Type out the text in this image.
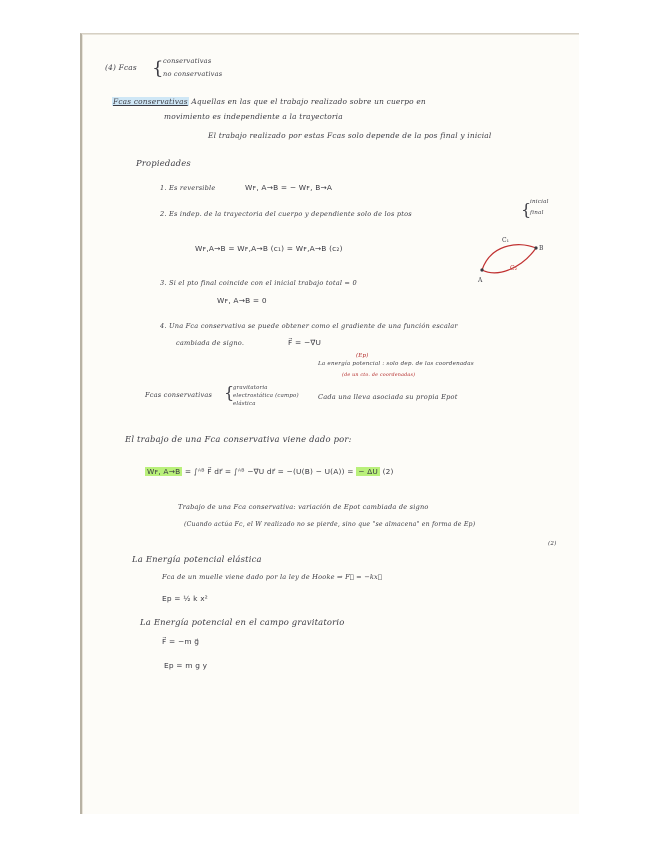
(4) Fcas { conservativas
no conservativas
Fcas conservativas Aquellas en las que el trabajo realizado sobre un cuerpo en
movimiento es independiente a la trayectoria
El trabajo realizado por estas Fcas solo depende de la pos final y inicial
Propiedades
1. Es reversible	Wꜰ, A→B = − Wꜰ, B→A
2. Es indep. de la trayectoria del cuerpo y dependiente solo de los ptos	{
inicial
final
Wꜰ,A→B = Wꜰ,A→B (c₁) = Wꜰ,A→B (c₂)
C₁
C₂
A
B
3. Si el pto final coincide con el inicial trabajo total = 0
Wꜰ, A→B = 0
4. Una Fca conservativa se puede obtener como el gradiente de una función escalar
cambiada de signo.	F⃗ = −∇⃗U
(Ep)
La energía potencial : solo dep. de las coordenadas
(de un cto. de coordenadas)
Fcas conservativas {
gravitatoria
electrostática (campo)
elástica
Cada una lleva asociada su propia Epot
El trabajo de una Fca conservativa viene dado por:
Wꜰ, A→B = ∫ᴬᴮ F⃗ dr⃗ = ∫ᴬᴮ −∇⃗U dr⃗ = −(U(B) − U(A)) = − ΔU (2)
Trabajo de una Fca conservativa: variación de Epot cambiada de signo
(Cuando actúa Fc, el W realizado no se pierde, sino que "se almacena" en forma de Ep)
(2)
La Energía potencial elástica
Fca de un muelle viene dado por la ley de Hooke ⇒ F⃗ = −kx⃗
Ep = ½ k x²
La Energía potencial en el campo gravitatorio
F⃗ = −m g⃗
Ep = m g y
